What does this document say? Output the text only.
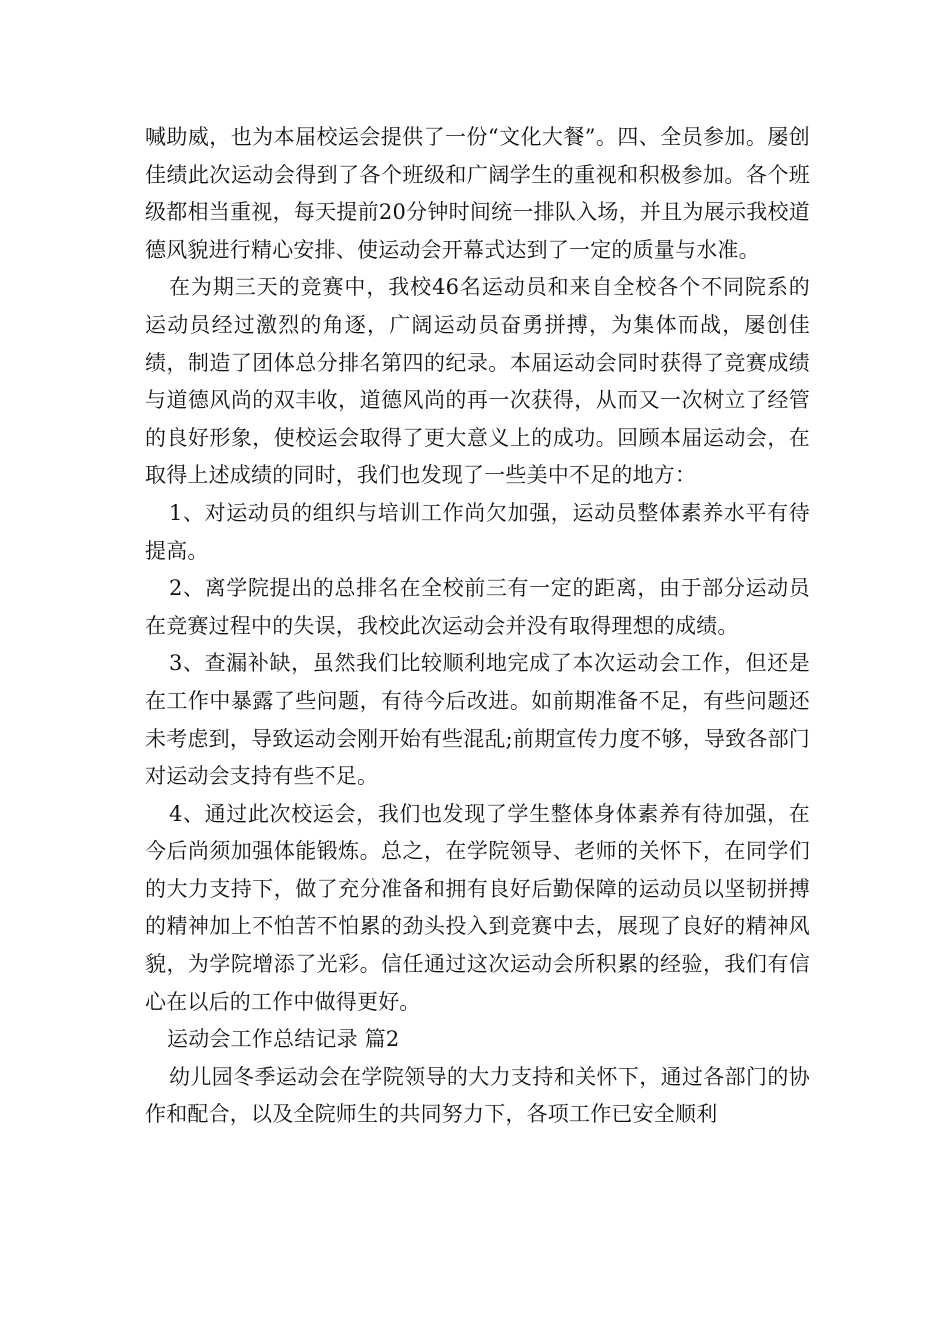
喊助威，也为本届校运会提供了一份“文化大餐”。四、全员参加。屡创佳绩此次运动会得到了各个班级和广阔学生的重视和积极参加。各个班级都相当重视，每天提前20分钟时间统一排队入场，并且为展示我校道德风貌进行精心安排、使运动会开幕式达到了一定的质量与水准。

在为期三天的竞赛中，我校46名运动员和来自全校各个不同院系的运动员经过激烈的角逐，广阔运动员奋勇拼搏，为集体而战，屡创佳绩，制造了团体总分排名第四的纪录。本届运动会同时获得了竞赛成绩与道德风尚的双丰收，道德风尚的再一次获得，从而又一次树立了经管的良好形象，使校运会取得了更大意义上的成功。回顾本届运动会，在取得上述成绩的同时，我们也发现了一些美中不足的地方：

1、对运动员的组织与培训工作尚欠加强，运动员整体素养水平有待提高。

2、离学院提出的总排名在全校前三有一定的距离，由于部分运动员在竞赛过程中的失误，我校此次运动会并没有取得理想的成绩。

3、查漏补缺，虽然我们比较顺利地完成了本次运动会工作，但还是在工作中暴露了些问题，有待今后改进。如前期准备不足，有些问题还未考虑到，导致运动会刚开始有些混乱;前期宣传力度不够，导致各部门对运动会支持有些不足。

4、通过此次校运会，我们也发现了学生整体身体素养有待加强，在今后尚须加强体能锻炼。总之，在学院领导、老师的关怀下，在同学们的大力支持下，做了充分准备和拥有良好后勤保障的运动员以坚韧拼搏的精神加上不怕苦不怕累的劲头投入到竞赛中去，展现了良好的精神风貌，为学院增添了光彩。信任通过这次运动会所积累的经验，我们有信心在以后的工作中做得更好。

运动会工作总结记录 篇2

幼儿园冬季运动会在学院领导的大力支持和关怀下，通过各部门的协作和配合，以及全院师生的共同努力下，各项工作已安全顺利
